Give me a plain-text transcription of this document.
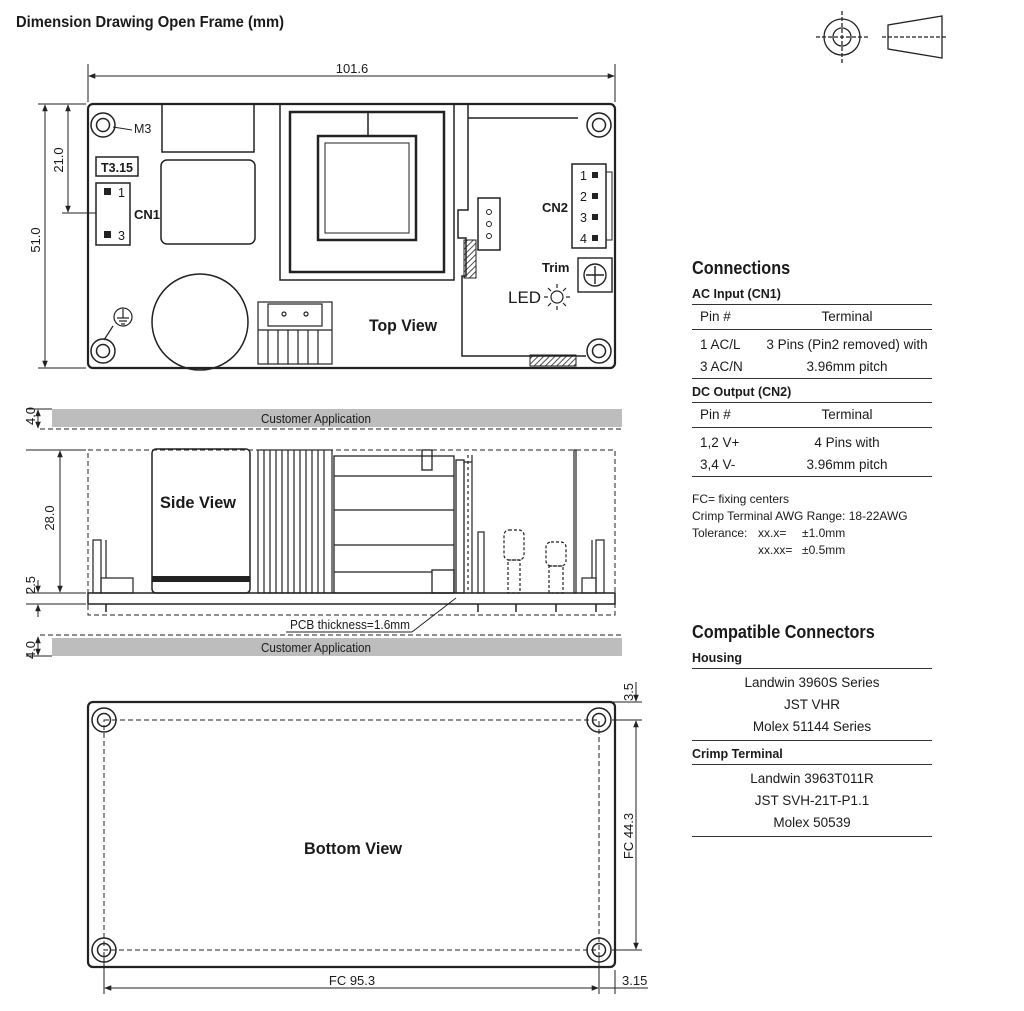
Dimension Drawing Open Frame (mm)
101.6
51.0
21.0
M3
T3.15
1
3
CN1
Top View
CN2
1
2
3
4
Trim
LED
Customer Application
Customer Application
4.0
28.0
2.5
4.0
Side View
PCB thickness=1.6mm
Bottom View
FC 95.3	3.15
3.5
FC 44.3
Connections
AC Input (CN1)
Pin #	Terminal
1 AC/L	3 Pins (Pin2 removed) with
3 AC/N	3.96mm pitch
DC Output (CN2)
Pin #	Terminal
1,2 V+	4 Pins with
3,4 V-	3.96mm pitch
FC= fixing centers
Crimp Terminal AWG Range: 18-22AWG
Tolerance: xx.x= ±1.0mm
xx.xx= ±0.5mm
Compatible Connectors
Housing
Landwin 3960S Series
JST VHR
Molex 51144 Series
Crimp Terminal
Landwin 3963T011R
JST SVH-21T-P1.1
Molex 50539
